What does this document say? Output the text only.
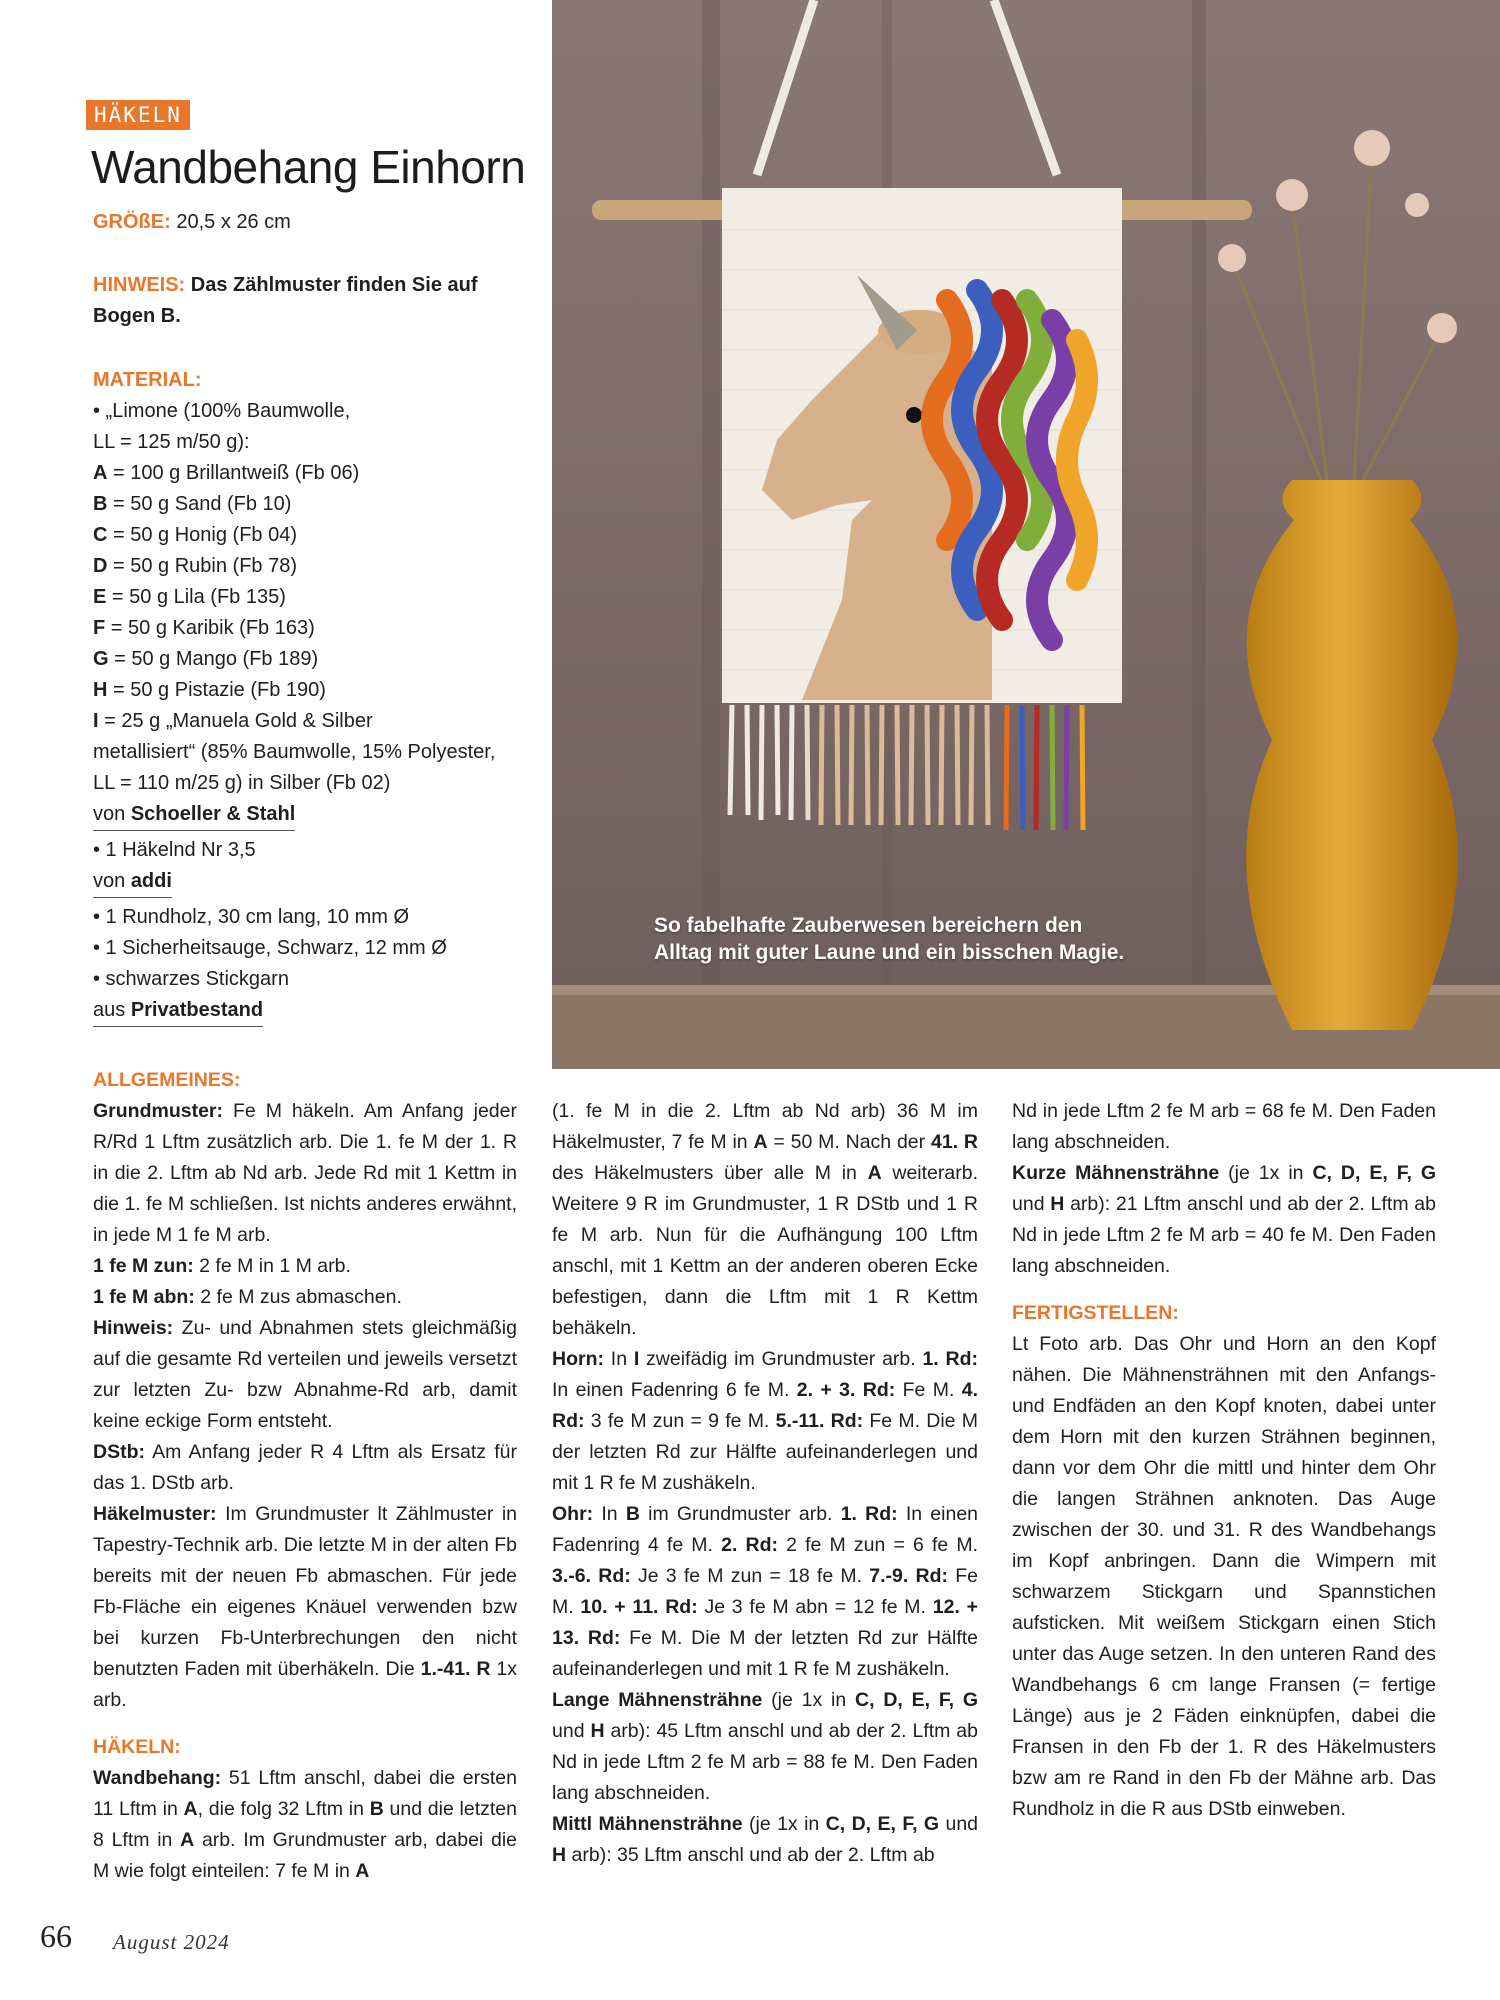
HÄKELN
Wandbehang Einhorn
GRÖßE: 20,5 x 26 cm
HINWEIS: Das Zählmuster finden Sie auf
Bogen B.
MATERIAL:
• „Limone (100% Baumwolle,
LL = 125 m/50 g):
A = 100 g Brillantweiß (Fb 06)
B = 50 g Sand (Fb 10)
C = 50 g Honig (Fb 04)
D = 50 g Rubin (Fb 78)
E = 50 g Lila (Fb 135)
F = 50 g Karibik (Fb 163)
G = 50 g Mango (Fb 189)
H = 50 g Pistazie (Fb 190)
I = 25 g „Manuela Gold & Silber
metallisiert“ (85% Baumwolle, 15% Polyester,
LL = 110 m/25 g) in Silber (Fb 02)
von Schoeller & Stahl
• 1 Häkelnd Nr 3,5
von addi
• 1 Rundholz, 30 cm lang, 10 mm Ø
• 1 Sicherheitsauge, Schwarz, 12 mm Ø
• schwarzes Stickgarn
aus Privatbestand
So fabelhafte Zauberwesen bereichern den
Alltag mit guter Laune und ein bisschen Magie.

ALLGEMEINES:

Grundmuster: Fe M häkeln. Am Anfang jeder R/Rd 1 Lftm zusätzlich arb. Die 1. fe M der 1. R in die 2. Lftm ab Nd arb. Jede Rd mit 1 Kettm in die 1. fe M schließen. Ist nichts anderes erwähnt, in jede M 1 fe M arb.

1 fe M zun: 2 fe M in 1 M arb.

1 fe M abn: 2 fe M zus abmaschen.

Hinweis: Zu- und Abnahmen stets gleichmäßig auf die gesamte Rd verteilen und jeweils versetzt zur letzten Zu- bzw Abnahme-Rd arb, damit keine eckige Form entsteht.

DStb: Am Anfang jeder R 4 Lftm als Ersatz für das 1. DStb arb.

Häkelmuster: Im Grundmuster lt Zählmuster in Tapestry-Technik arb. Die letzte M in der alten Fb bereits mit der neuen Fb abmaschen. Für jede Fb-Fläche ein eigenes Knäuel verwenden bzw bei kurzen Fb-Unterbrechungen den nicht benutzten Faden mit überhäkeln. Die 1.-41. R 1x arb.

HÄKELN:

Wandbehang: 51 Lftm anschl, dabei die ersten 11 Lftm in A, die folg 32 Lftm in B und die letzten 8 Lftm in A arb. Im Grundmuster arb, dabei die M wie folgt einteilen: 7 fe M in A

(1. fe M in die 2. Lftm ab Nd arb) 36 M im Häkelmuster, 7 fe M in A = 50 M. Nach der 41. R des Häkelmusters über alle M in A weiterarb. Weitere 9 R im Grundmuster, 1 R DStb und 1 R fe M arb. Nun für die Aufhängung 100 Lftm anschl, mit 1 Kettm an der anderen oberen Ecke befestigen, dann die Lftm mit 1 R Kettm behäkeln.

Horn: In I zweifädig im Grundmuster arb. 1. Rd: In einen Fadenring 6 fe M. 2. + 3. Rd: Fe M. 4. Rd: 3 fe M zun = 9 fe M. 5.-11. Rd: Fe M. Die M der letzten Rd zur Hälfte aufeinanderlegen und mit 1 R fe M zushäkeln.

Ohr: In B im Grundmuster arb. 1. Rd: In einen Fadenring 4 fe M. 2. Rd: 2 fe M zun = 6 fe M. 3.-6. Rd: Je 3 fe M zun = 18 fe M. 7.-9. Rd: Fe M. 10. + 11. Rd: Je 3 fe M abn = 12 fe M. 12. + 13. Rd: Fe M. Die M der letzten Rd zur Hälfte aufeinanderlegen und mit 1 R fe M zushäkeln.

Lange Mähnensträhne (je 1x in C, D, E, F, G und H arb): 45 Lftm anschl und ab der 2. Lftm ab Nd in jede Lftm 2 fe M arb = 88 fe M. Den Faden lang abschneiden.

Mittl Mähnensträhne (je 1x in C, D, E, F, G und H arb): 35 Lftm anschl und ab der 2. Lftm ab

Nd in jede Lftm 2 fe M arb = 68 fe M. Den Faden lang abschneiden.

Kurze Mähnensträhne (je 1x in C, D, E, F, G und H arb): 21 Lftm anschl und ab der 2. Lftm ab Nd in jede Lftm 2 fe M arb = 40 fe M. Den Faden lang abschneiden.

FERTIGSTELLEN:

Lt Foto arb. Das Ohr und Horn an den Kopf nähen. Die Mähnensträhnen mit den Anfangs- und Endfäden an den Kopf knoten, dabei unter dem Horn mit den kurzen Strähnen beginnen, dann vor dem Ohr die mittl und hinter dem Ohr die langen Strähnen anknoten. Das Auge zwischen der 30. und 31. R des Wandbehangs im Kopf anbringen. Dann die Wimpern mit schwarzem Stickgarn und Spannstichen aufsticken. Mit weißem Stickgarn einen Stich unter das Auge setzen. In den unteren Rand des Wandbehangs 6 cm lange Fransen (= fertige Länge) aus je 2 Fäden einknüpfen, dabei die Fransen in den Fb der 1. R des Häkelmusters bzw am re Rand in den Fb der Mähne arb. Das Rundholz in die R aus DStb einweben.

66 August 2024
